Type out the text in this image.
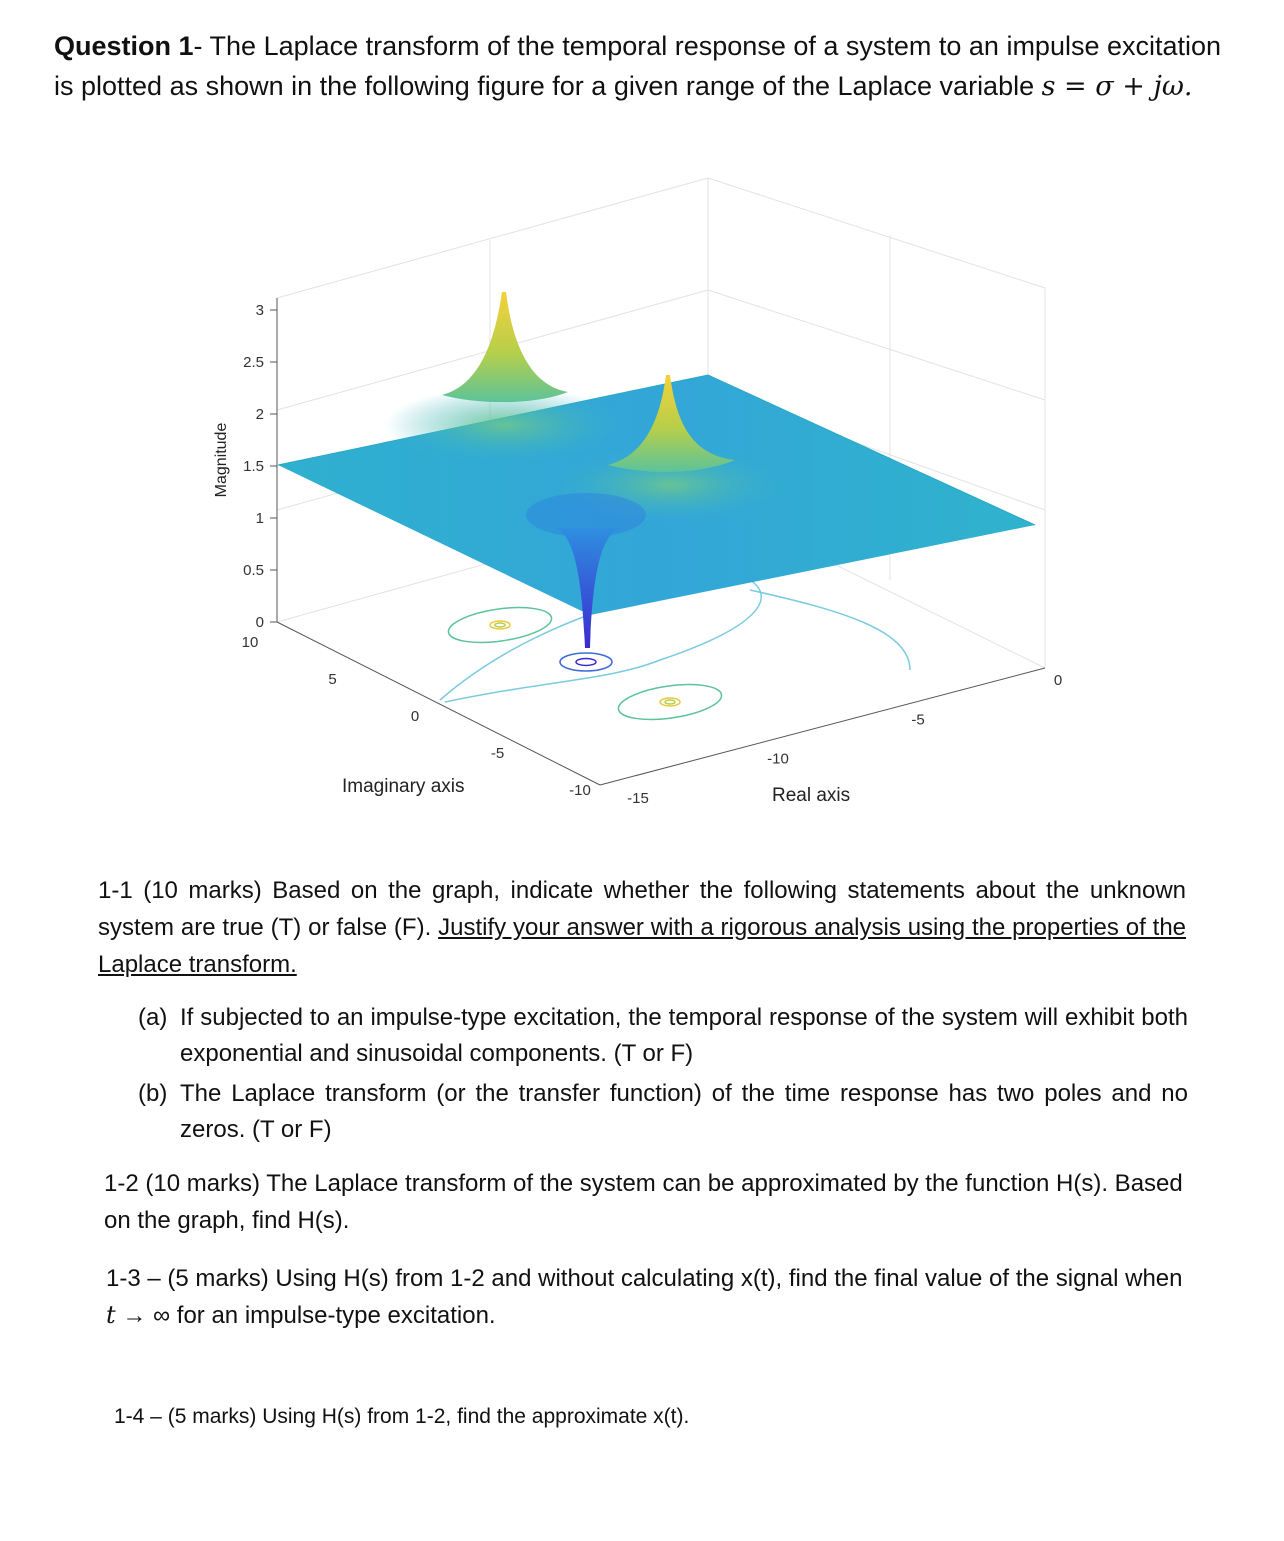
Question 1- The Laplace transform of the temporal response of a system to an impulse excitation is plotted as shown in the following figure for a given range of the Laplace variable s = σ + jω.
3
2.5
2
1.5
1
0.5
0
10
5
0
-5
-10 -15
-10
-5
0
Magnitude
Imaginary axis	Real axis
1-1 (10 marks) Based on the graph, indicate whether the following statements about the unknown system are true (T) or false (F). Justify your answer with a rigorous analysis using the properties of the Laplace transform.
(a) If subjected to an impulse-type excitation, the temporal response of the system will exhibit both exponential and sinusoidal components. (T or F)
(b) The Laplace transform (or the transfer function) of the time response has two poles and no zeros. (T or F)
1-2 (10 marks) The Laplace transform of the system can be approximated by the function H(s). Based on the graph, find H(s).
1-3 – (5 marks) Using H(s) from 1-2 and without calculating x(t), find the final value of the signal when t → ∞ for an impulse-type excitation.
1-4 – (5 marks) Using H(s) from 1-2, find the approximate x(t).
